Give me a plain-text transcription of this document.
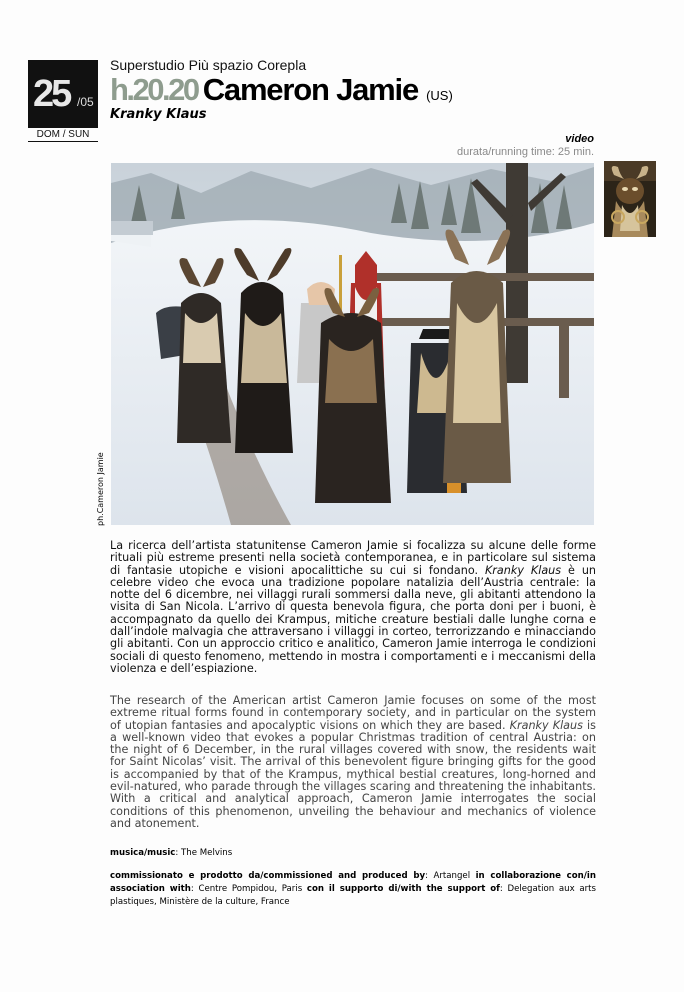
25 /05
DOM / SUN
Superstudio Più spazio Corepla
h.20.20 Cameron Jamie (US)
Kranky Klaus
video
durata/running time: 25 min.
ph.Cameron Jamie
La ricerca dell’artista statunitense Cameron Jamie si focalizza su alcune delle forme rituali più estreme presenti nella società contemporanea, e in particolare sul sistema di fantasie utopiche e visioni apocalittiche su cui si fondano. Kranky Klaus è un celebre video che evoca una tradizione popolare natalizia dell’Austria centrale: la notte del 6 dicembre, nei villaggi rurali sommersi dalla neve, gli abitanti attendono la visita di San Nicola. L’arrivo di questa benevola figura, che porta doni per i buoni, è accompagnato da quello dei Krampus, mitiche creature bestiali dalle lunghe corna e dall’indole malvagia che attraversano i villaggi in corteo, terrorizzando e minacciando gli abitanti. Con un approccio critico e analitico, Cameron Jamie interroga le condizioni sociali di questo fenomeno, mettendo in mostra i comportamenti e i meccanismi della violenza e dell’espiazione.
The research of the American artist Cameron Jamie focuses on some of the most extreme ritual forms found in contemporary society, and in particular on the system of utopian fantasies and apocalyptic visions on which they are based. Kranky Klaus is a well-known video that evokes a popular Christmas tradition of central Austria: on the night of 6 December, in the rural villages covered with snow, the residents wait for Saint Nicolas’ visit. The arrival of this benevolent figure bringing gifts for the good is accompanied by that of the Krampus, mythical bestial creatures, long-horned and evil-natured, who parade through the villages scaring and threatening the inhabitants. With a critical and analytical approach, Cameron Jamie interrogates the social conditions of this phenomenon, unveiling the behaviour and mechanics of violence and atonement.
musica/music: The Melvins
commissionato e prodotto da/commissioned and produced by: Artangel in collaborazione con/in association with: Centre Pompidou, Paris con il supporto di/with the support of: Delegation aux arts plastiques, Ministère de la culture, France
